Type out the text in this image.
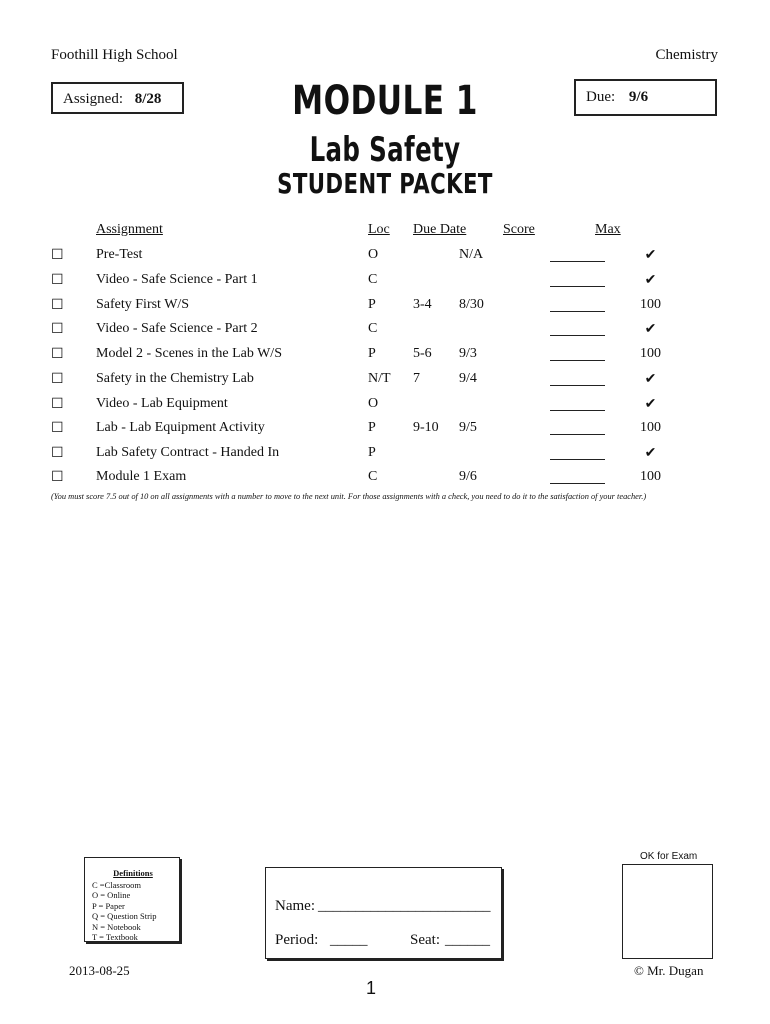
Foothill High School	Chemistry
Assigned: 8/28	Due: 9/6
MODULE 1
Lab Safety
STUDENT PACKET
Assignment	Loc Due Date	Score	Max
☐ Pre-Test	O	N/A	✔
☐ Video - Safe Science - Part 1	C	✔
☐ Safety First W/S	P	3-4 8/30	100
☐ Video - Safe Science - Part 2	C	✔
☐ Model 2 - Scenes in the Lab W/S	P	5-6 9/3	100
☐ Safety in the Chemistry Lab	N/T 7	9/4	✔
☐ Video - Lab Equipment	O	✔
☐ Lab - Lab Equipment Activity	P	9-10 9/5	100
☐ Lab Safety Contract - Handed In	P	✔
☐ Module 1 Exam	C	9/6	100
(You must score 7.5 out of 10 on all assignments with a number to move to the next unit. For those assignments with a check, you need to do it to the satisfaction of your teacher.)
Definitions
C =Classroom
O = Online
P = Paper
Q = Question Strip
N = Notebook
T = Textbook
Name: _______________________
Period: _____	Seat: ______
OK for Exam
2013-08-25	© Mr. Dugan
1
